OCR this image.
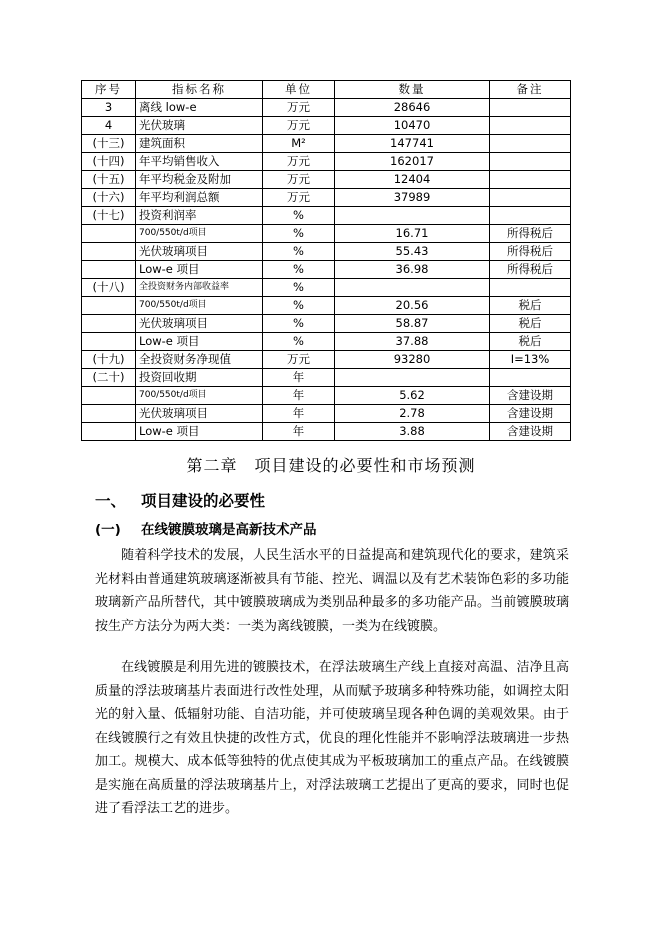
序号	指标名称	单位	数量	备注
3	离线 low-e	万元	28646	
4	光伏玻璃	万元	10470	
(十三)	建筑面积	M²	147741	
(十四)	年平均销售收入	万元	162017	
(十五)	年平均税金及附加	万元	12404	
(十六)	年平均利润总额	万元	37989	
(十七)	投资利润率	%		
	700/550t/d项目	%	16.71	所得税后
	光伏玻璃项目	%	55.43	所得税后
	Low-e 项目	%	36.98	所得税后
(十八)	全投资财务内部收益率	%		
	700/550t/d项目	%	20.56	税后
	光伏玻璃项目	%	58.87	税后
	Low-e 项目	%	37.88	税后
(十九)	全投资财务净现值	万元	93280	I=13%
(二十)	投资回收期	年		
	700/550t/d项目	年	5.62	含建设期
	光伏玻璃项目	年	2.78	含建设期
	Low-e 项目	年	3.88	含建设期
第二章　项目建设的必要性和市场预测
一、 项目建设的必要性
(一) 在线镀膜玻璃是高新技术产品

随着科学技术的发展，人民生活水平的日益提高和建筑现代化的要求，建筑采光材料由普通建筑玻璃逐渐被具有节能、控光、调温以及有艺术装饰色彩的多功能玻璃新产品所替代，其中镀膜玻璃成为类别品种最多的多功能产品。当前镀膜玻璃按生产方法分为两大类：一类为离线镀膜，一类为在线镀膜。

在线镀膜是利用先进的镀膜技术，在浮法玻璃生产线上直接对高温、洁净且高质量的浮法玻璃基片表面进行改性处理，从而赋予玻璃多种特殊功能，如调控太阳光的射入量、低辐射功能、自洁功能，并可使玻璃呈现各种色调的美观效果。由于在线镀膜行之有效且快捷的改性方式，优良的理化性能并不影响浮法玻璃进一步热加工。规模大、成本低等独特的优点使其成为平板玻璃加工的重点产品。在线镀膜是实施在高质量的浮法玻璃基片上，对浮法玻璃工艺提出了更高的要求，同时也促进了看浮法工艺的进步。
